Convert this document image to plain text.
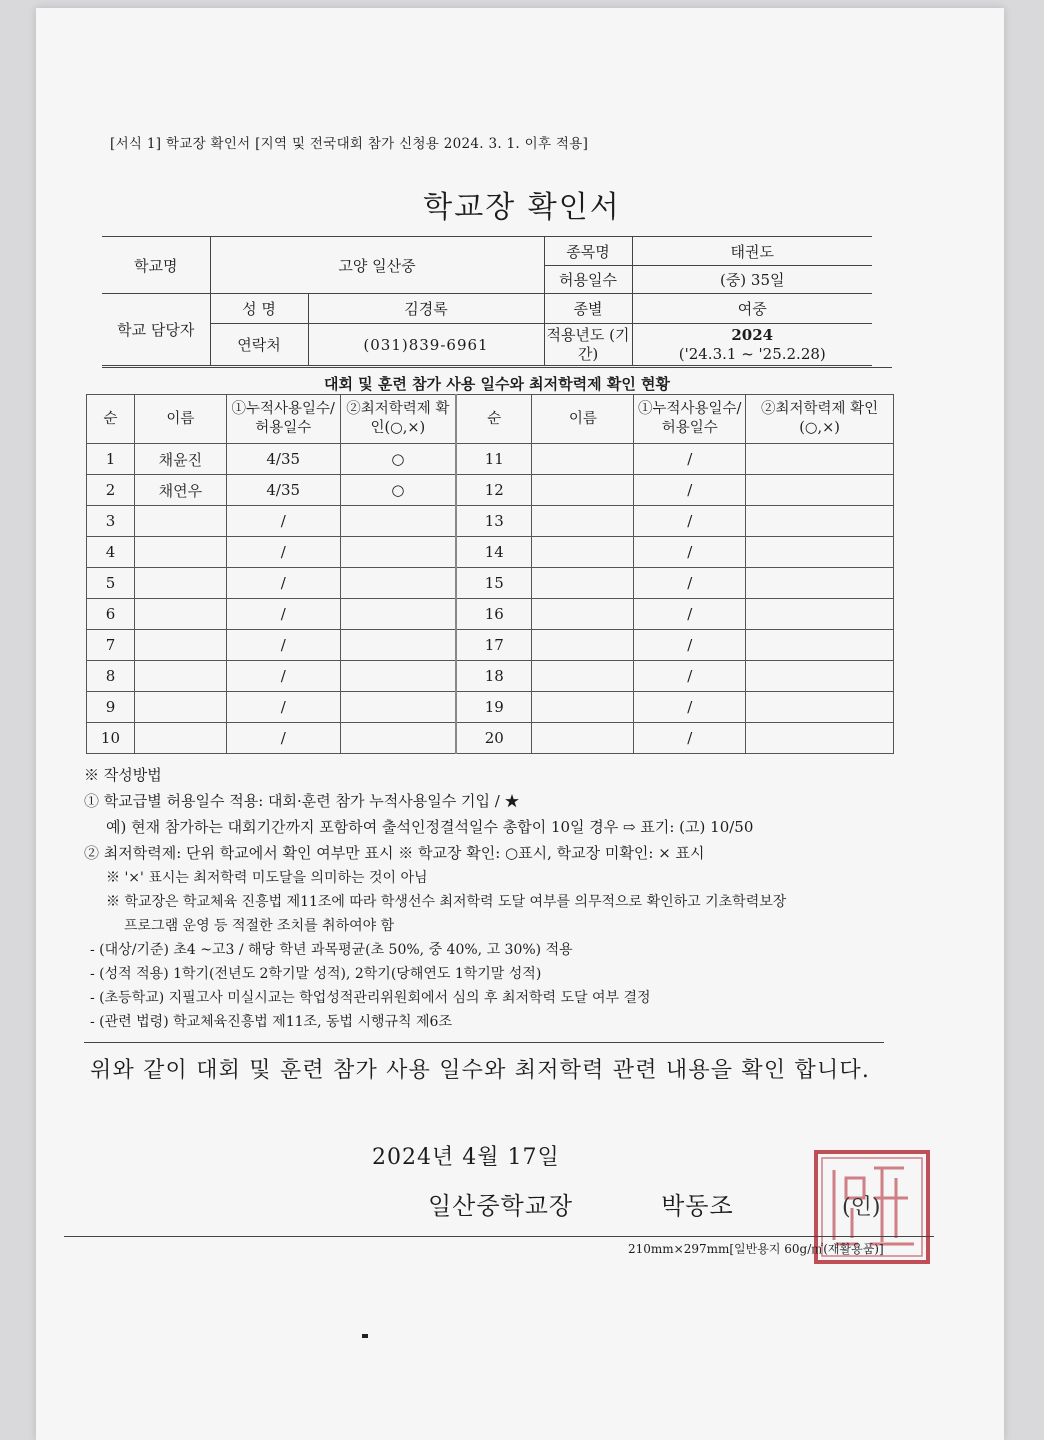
[서식 1] 학교장 확인서 [지역 및 전국대회 참가 신청용 2024. 3. 1. 이후 적용]
학교장 확인서
학교명	고양 일산중		종목명	태권도
			허용일수	(중) 35일
학교 담당자	성 명	김경록	종별	여중
	연락처	(031)839-6961	적용년도 (기간)	2024
('24.3.1 ~ '25.2.28)
대회 및 훈련 참가 사용 일수와 최저학력제 확인 현황
순	이름	①누적사용일수/ 허용일수	②최저학력제 확인(○,×)	순	이름	①누적사용일수/ 허용일수	②최저학력제 확인(○,×)
1	채윤진	4/35	○	11		/	
2	채연우	4/35	○	12		/	
3		/		13		/	
4		/		14		/	
5		/		15		/	
6		/		16		/	
7		/		17		/	
8		/		18		/	
9		/		19		/	
10		/		20		/	
※ 작성방법
① 학교급별 허용일수 적용: 대회·훈련 참가 누적사용일수 기입 / ★
예) 현재 참가하는 대회기간까지 포함하여 출석인정결석일수 총합이 10일 경우 ⇨ 표기: (고) 10/50
② 최저학력제: 단위 학교에서 확인 여부만 표시 ※ 학교장 확인: ○표시, 학교장 미확인: × 표시
※ '×' 표시는 최저학력 미도달을 의미하는 것이 아님
※ 학교장은 학교체육 진흥법 제11조에 따라 학생선수 최저학력 도달 여부를 의무적으로 확인하고 기초학력보장
프로그램 운영 등 적절한 조치를 취하여야 함
- (대상/기준) 초4 ~고3 / 해당 학년 과목평균(초 50%, 중 40%, 고 30%) 적용
- (성적 적용) 1학기(전년도 2학기말 성적), 2학기(당해연도 1학기말 성적)
- (초등학교) 지필고사 미실시교는 학업성적관리위원회에서 심의 후 최저학력 도달 여부 결정
- (관련 법령) 학교체육진흥법 제11조, 동법 시행규칙 제6조
위와 같이 대회 및 훈련 참가 사용 일수와 최저학력 관련 내용을 확인 합니다.
2024년 4월 17일
일산중학교장	박동조	(인)
210mm×297mm[일반용지 60g/㎡(재활용품)]
